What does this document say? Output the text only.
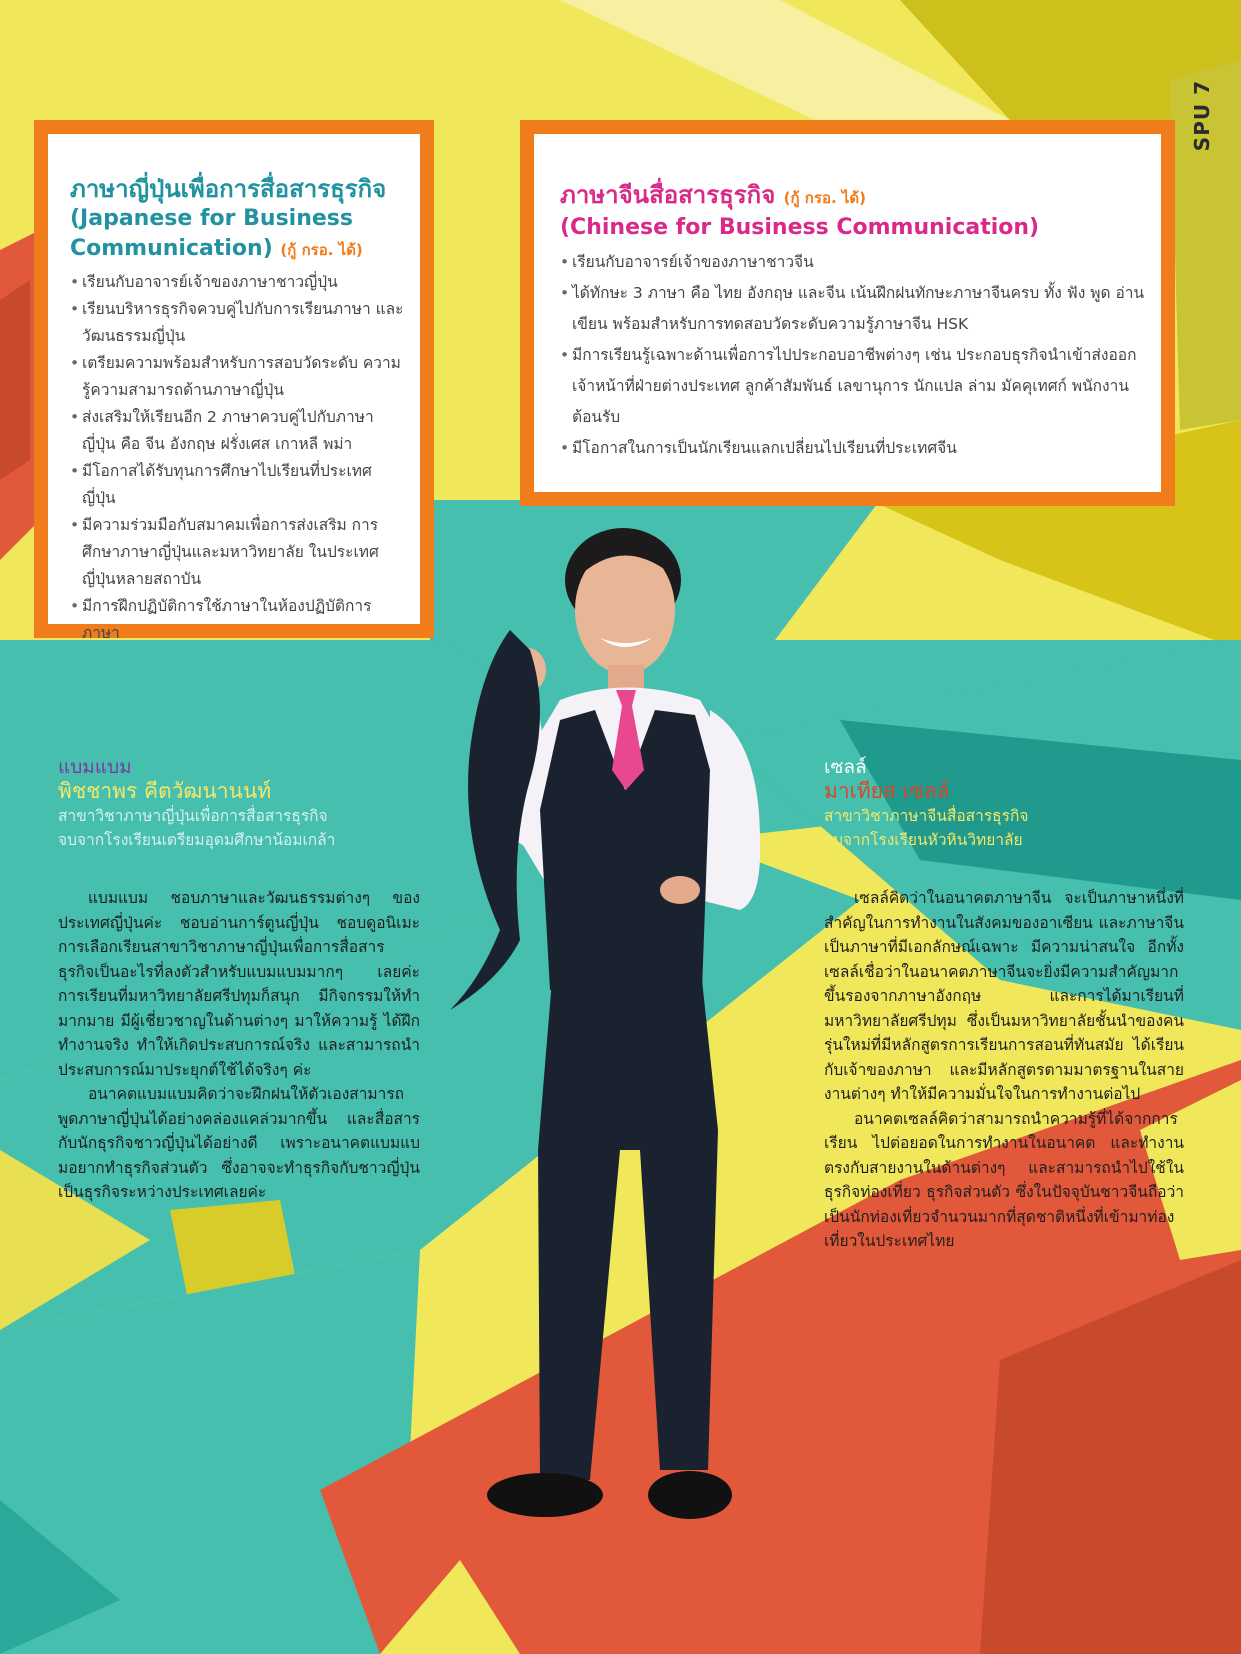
SPU 7
ภาษาญี่ปุ่นเพื่อการสื่อสารธุรกิจ
(Japanese for Business
Communication) (กู้ กรอ. ได้)
• เรียนกับอาจารย์เจ้าของภาษาชาวญี่ปุ่น
• เรียนบริหารธุรกิจควบคู่ไปกับการเรียนภาษา และวัฒนธรรมญี่ปุ่น
• เตรียมความพร้อมสำหรับการสอบวัดระดับ ความรู้ความสามารถด้านภาษาญี่ปุ่น
• ส่งเสริมให้เรียนอีก 2 ภาษาควบคู่ไปกับภาษาญี่ปุ่น คือ จีน อังกฤษ ฝรั่งเศส เกาหลี พม่า
• มีโอกาสได้รับทุนการศึกษาไปเรียนที่ประเทศญี่ปุ่น
• มีความร่วมมือกับสมาคมเพื่อการส่งเสริม การศึกษาภาษาญี่ปุ่นและมหาวิทยาลัย ในประเทศญี่ปุ่นหลายสถาบัน
• มีการฝึกปฏิบัติการใช้ภาษาในห้องปฏิบัติการภาษา
ภาษาจีนสื่อสารธุรกิจ (กู้ กรอ. ได้)
(Chinese for Business Communication)
• เรียนกับอาจารย์เจ้าของภาษาชาวจีน
• ได้ทักษะ 3 ภาษา คือ ไทย อังกฤษ และจีน เน้นฝึกฝนทักษะภาษาจีนครบ ทั้ง ฟัง พูด อ่าน เขียน พร้อมสำหรับการทดสอบวัดระดับความรู้ภาษาจีน HSK
• มีการเรียนรู้เฉพาะด้านเพื่อการไปประกอบอาชีพต่างๆ เช่น ประกอบธุรกิจนำเข้าส่งออก เจ้าหน้าที่ฝ่ายต่างประเทศ ลูกค้าสัมพันธ์ เลขานุการ นักแปล ล่าม มัคคุเทศก์ พนักงานต้อนรับ
• มีโอกาสในการเป็นนักเรียนแลกเปลี่ยนไปเรียนที่ประเทศจีน
แบมแบม
พิชชาพร คีตวัฒนานนท์
สาขาวิชาภาษาญี่ปุ่นเพื่อการสื่อสารธุรกิจ
จบจากโรงเรียนเตรียมอุดมศึกษาน้อมเกล้า

แบมแบม ชอบภาษาและวัฒนธรรมต่างๆ ของประเทศญี่ปุ่นค่ะ ชอบอ่านการ์ตูนญี่ปุ่น ชอบดูอนิเมะ การเลือกเรียนสาขาวิชาภาษาญี่ปุ่นเพื่อการสื่อสารธุรกิจเป็นอะไรที่ลงตัวสำหรับแบมแบมมากๆ เลยค่ะ การเรียนที่มหาวิทยาลัยศรีปทุมก็สนุก มีกิจกรรมให้ทำมากมาย มีผู้เชี่ยวชาญในด้านต่างๆ มาให้ความรู้ ได้ฝึกทำงานจริง ทำให้เกิดประสบการณ์จริง และสามารถนำประสบการณ์มาประยุกต์ใช้ได้จริงๆ ค่ะ

อนาคตแบมแบมคิดว่าจะฝึกฝนให้ตัวเองสามารถพูดภาษาญี่ปุ่นได้อย่างคล่องแคล่วมากขึ้น และสื่อสารกับนักธุรกิจชาวญี่ปุ่นได้อย่างดี เพราะอนาคตแบมแบมอยากทำธุรกิจส่วนตัว ซึ่งอาจจะทำธุรกิจกับชาวญี่ปุ่นเป็นธุรกิจระหว่างประเทศเลยค่ะ

เซลล์
มาเทียส เซลล์
สาขาวิชาภาษาจีนสื่อสารธุรกิจ
จบจากโรงเรียนหัวหินวิทยาลัย

เซลล์คิดว่าในอนาคตภาษาจีน จะเป็นภาษาหนึ่งที่สำคัญในการทำงานในสังคมของอาเซียน และภาษาจีนเป็นภาษาที่มีเอกลักษณ์เฉพาะ มีความน่าสนใจ อีกทั้งเซลล์เชื่อว่าในอนาคตภาษาจีนจะยิ่งมีความสำคัญมากขึ้นรองจากภาษาอังกฤษ และการได้มาเรียนที่มหาวิทยาลัยศรีปทุม ซึ่งเป็นมหาวิทยาลัยชั้นนำของคนรุ่นใหม่ที่มีหลักสูตรการเรียนการสอนที่ทันสมัย ได้เรียนกับเจ้าของภาษา และมีหลักสูตรตามมาตรฐานในสายงานต่างๆ ทำให้มีความมั่นใจในการทำงานต่อไป

อนาคตเซลล์คิดว่าสามารถนำความรู้ที่ได้จากการเรียน ไปต่อยอดในการทำงานในอนาคต และทำงานตรงกับสายงานในด้านต่างๆ และสามารถนำไปใช้ในธุรกิจท่องเที่ยว ธุรกิจส่วนตัว ซึ่งในปัจจุบันชาวจีนถือว่าเป็นนักท่องเที่ยวจำนวนมากที่สุดชาติหนึ่งที่เข้ามาท่องเที่ยวในประเทศไทย
